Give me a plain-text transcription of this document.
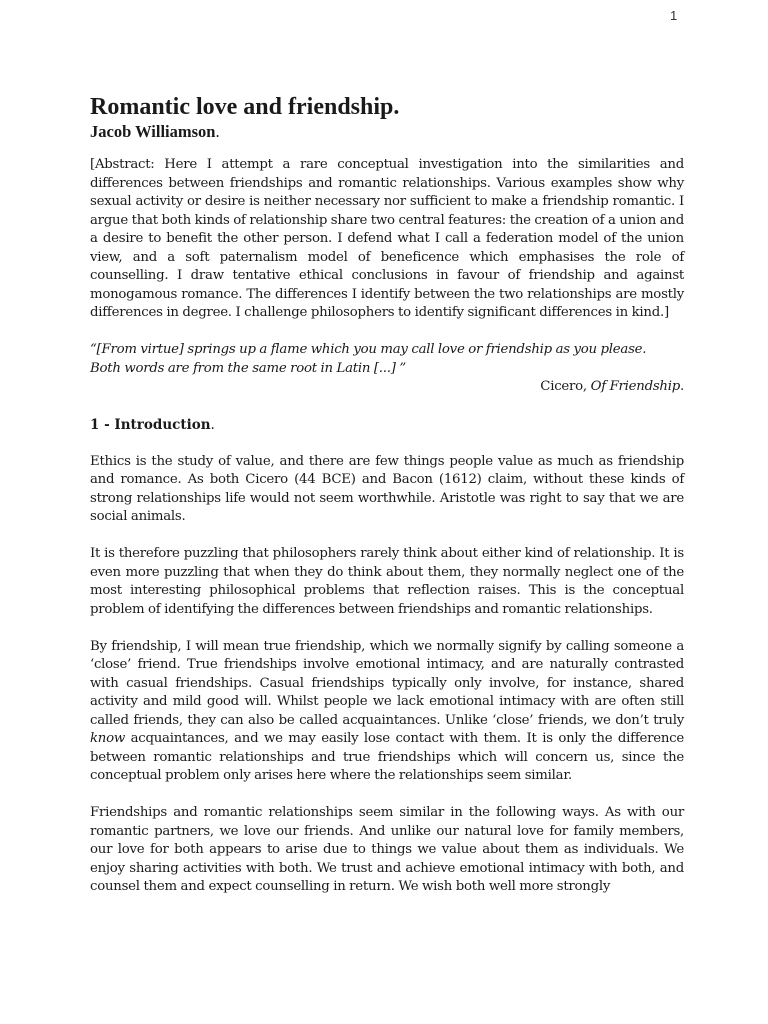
1
Romantic love and friendship.
Jacob Williamson.

[Abstract: Here I attempt a rare conceptual investigation into the similarities and differences between friendships and romantic relationships. Various examples show why sexual activity or desire is neither necessary nor sufficient to make a friendship romantic. I argue that both kinds of relationship share two central features: the creation of a union and a desire to benefit the other person. I defend what I call a federation model of the union view, and a soft paternalism model of beneficence which emphasises the role of counselling. I draw tentative ethical conclusions in favour of friendship and against monogamous romance. The differences I identify between the two relationships are mostly differences in degree. I challenge philosophers to identify significant differences in kind.]

“[From virtue] springs up a flame which you may call love or friendship as you please.
Both words are from the same root in Latin [...] ”

Cicero, Of Friendship.

1 - Introduction.

Ethics is the study of value, and there are few things people value as much as friendship and romance. As both Cicero (44 BCE) and Bacon (1612) claim, without these kinds of strong relationships life would not seem worthwhile. Aristotle was right to say that we are social animals.

It is therefore puzzling that philosophers rarely think about either kind of relationship. It is even more puzzling that when they do think about them, they normally neglect one of the most interesting philosophical problems that reflection raises. This is the conceptual problem of identifying the differences between friendships and romantic relationships.

By friendship, I will mean true friendship, which we normally signify by calling someone a ‘close’ friend. True friendships involve emotional intimacy, and are naturally contrasted with casual friendships. Casual friendships typically only involve, for instance, shared activity and mild good will. Whilst people we lack emotional intimacy with are often still called friends, they can also be called acquaintances. Unlike ‘close’ friends, we don’t truly know acquaintances, and we may easily lose contact with them. It is only the difference between romantic relationships and true friendships which will concern us, since the conceptual problem only arises here where the relationships seem similar.

Friendships and romantic relationships seem similar in the following ways. As with our romantic partners, we love our friends. And unlike our natural love for family members, our love for both appears to arise due to things we value about them as individuals. We enjoy sharing activities with both. We trust and achieve emotional intimacy with both, and counsel them and expect counselling in return. We wish both well more strongly
